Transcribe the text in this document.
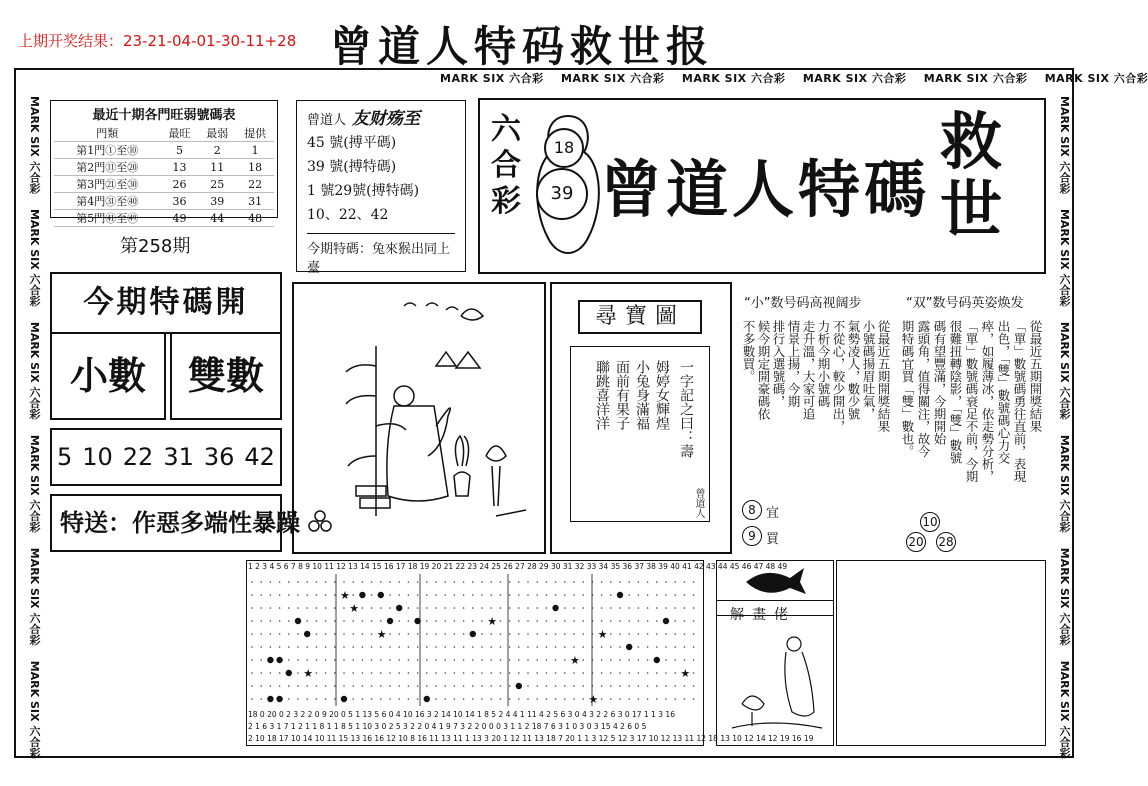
上期开奖结果：23-21-04-01-30-11+28 曾道人特码救世报
MARK SIX 六合彩 MARK SIX 六合彩 MARK SIX 六合彩 MARK SIX 六合彩 MARK SIX 六合彩 MARK SIX 六合彩
MARK SIX 六合彩    MARK SIX 六合彩    MARK SIX 六合彩    MARK SIX 六合彩    MARK SIX 六合彩    MARK SIX 六合彩
MARK SIX 六合彩    MARK SIX 六合彩    MARK SIX 六合彩    MARK SIX 六合彩    MARK SIX 六合彩    MARK SIX 六合彩
最近十期各門旺弱號碼表
門類	最旺	最弱	提供
第1門①至⑩	5	2	1
第2門⑪至⑳	13	11	18
第3門㉑至㉚	26	25	22
第4門㉛至㊵	36	39	31
第5門㊶至㊾	49	44	48
第258期
曾道人 友财殇至
45 號(搏平碼)
39 號(搏特碼)
1 號29號(搏特碼)
10、22、42
今期特碼：兔來猴出同上臺
六合彩
18
39 曾道人特碼
救世
今期特碼開
小數	雙數
5 10 22 31 36 42
特送：作惡多端性暴躁
尋寶圖
一字記之曰：壽
姆婷女輝煌
小兔身滿福
面前有果子
聯跳喜洋洋
曾道人
“小”数号码高视阔步	“双”数号码英姿焕发
從最近五期開獎結果
小號碼揚眉吐氣，
氣勢凌人，數少號
不從心，較少開出，
力析今期小號碼
走升溫，大家可追
情景上揚，今期
排行入選號碼，
候今期定開豪碼依
不多數買。	從最近五期開獎結果
「單」數號碼勇往直前，表現
出色，「雙」數號碼心力交
瘁，如履薄冰，依走勢分析，
「單」數號碼衰足不前，今期
很難扭轉陰影，「雙」數號
碼有望豐滿，今期開始
露頭角，值得關注，故今
期特碼宜買「雙」數也。
8 宜
9 買
10
20 28
1 2 3 4 5 6 7 8 9 10 11 12 13 14 15 16 17 18 19 20 21 22 23 24 25 26 27 28 29 30 31 32 33 34 35 36 37 38 39 40 41 42 43 44 45 46 47 48 49
★
★
★
★	★
★
★	★
★
18 0 20 0 2 3 2 2 0 9 20 0 5 1 13 5 6 0 4 10 16 3 2 14 10 14 1 8 5 2 4 4 1 11 4 2 5 6 3 0 4 3 2 2 6 3 0 17 1 1 3 16
2 1 6 3 1 7 1 2 1 1 8 1 1 8 5 1 10 3 0 2 5 3 2 2 0 4 1 9 7 3 2 2 0 0 0 3 1 1 2 18 7 6 3 1 0 3 0 3 15 4 2 6 0 5
2 10 18 17 10 14 10 11 15 13 16 16 12 10 8 16 11 13 11 1 13 3 20 1 12 11 13 18 7 20 1 1 3 12 5 12 3 17 10 12 13 11 12 18 13 10 12 14 12 19 16 19
解畫佬
